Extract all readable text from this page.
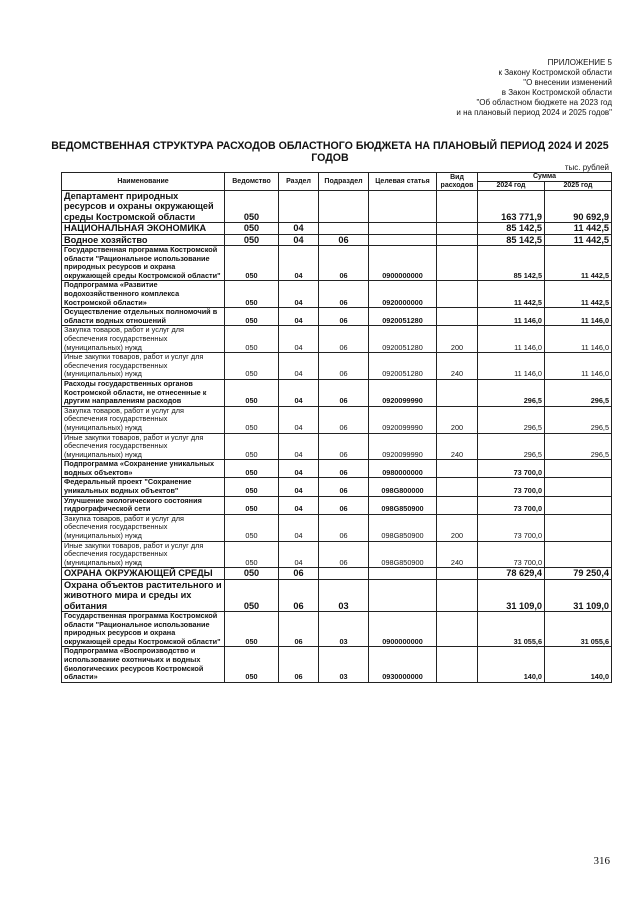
ПРИЛОЖЕНИЕ 5
к Закону Костромской области
"О внесении изменений
в Закон Костромской области
"Об областном бюджете на 2023 год
и на плановый период 2024 и 2025 годов"
ВЕДОМСТВЕННАЯ СТРУКТУРА РАСХОДОВ ОБЛАСТНОГО БЮДЖЕТА НА ПЛАНОВЫЙ ПЕРИОД 2024 И 2025 ГОДОВ
тыс. рублей
Наименование	Ведомство	Раздел	Подраздел	Целевая статья	Вид расходов	Сумма	
						2024 год	2025 год
Департамент природных ресурсов и охраны окружающей среды Костромской области	050					163 771,9	90 692,9
НАЦИОНАЛЬНАЯ ЭКОНОМИКА	050	04				85 142,5	11 442,5
Водное хозяйство	050	04	06			85 142,5	11 442,5
Государственная программа Костромской области "Рациональное использование природных ресурсов и охрана окружающей среды Костромской области"	050	04	06	0900000000		85 142,5	11 442,5
Подпрограмма «Развитие водохозяйственного комплекса Костромской области»	050	04	06	0920000000		11 442,5	11 442,5
Осуществление отдельных полномочий в области водных отношений	050	04	06	0920051280		11 146,0	11 146,0
Закупка товаров, работ и услуг для обеспечения государственных (муниципальных) нужд	050	04	06	0920051280	200	11 146,0	11 146,0
Иные закупки товаров, работ и услуг для обеспечения государственных (муниципальных) нужд	050	04	06	0920051280	240	11 146,0	11 146,0
Расходы государственных органов Костромской области, не отнесенные к другим направлениям расходов	050	04	06	0920099990		296,5	296,5
Закупка товаров, работ и услуг для обеспечения государственных (муниципальных) нужд	050	04	06	0920099990	200	296,5	296,5
Иные закупки товаров, работ и услуг для обеспечения государственных (муниципальных) нужд	050	04	06	0920099990	240	296,5	296,5
Подпрограмма «Сохранение уникальных водных объектов»	050	04	06	0980000000		73 700,0	
Федеральный проект "Сохранение уникальных водных объектов"	050	04	06	098G800000		73 700,0	
Улучшение экологического состояния гидрографической сети	050	04	06	098G850900		73 700,0	
Закупка товаров, работ и услуг для обеспечения государственных (муниципальных) нужд	050	04	06	098G850900	200	73 700,0	
Иные закупки товаров, работ и услуг для обеспечения государственных (муниципальных) нужд	050	04	06	098G850900	240	73 700,0	
ОХРАНА ОКРУЖАЮЩЕЙ СРЕДЫ	050	06				78 629,4	79 250,4
Охрана объектов растительного и животного мира и среды их обитания	050	06	03			31 109,0	31 109,0
Государственная программа Костромской области "Рациональное использование природных ресурсов и охрана окружающей среды Костромской области"	050	06	03	0900000000		31 055,6	31 055,6
Подпрограмма «Воспроизводство и использование охотничьих и водных биологических ресурсов Костромской области»	050	06	03	0930000000		140,0	140,0
316
